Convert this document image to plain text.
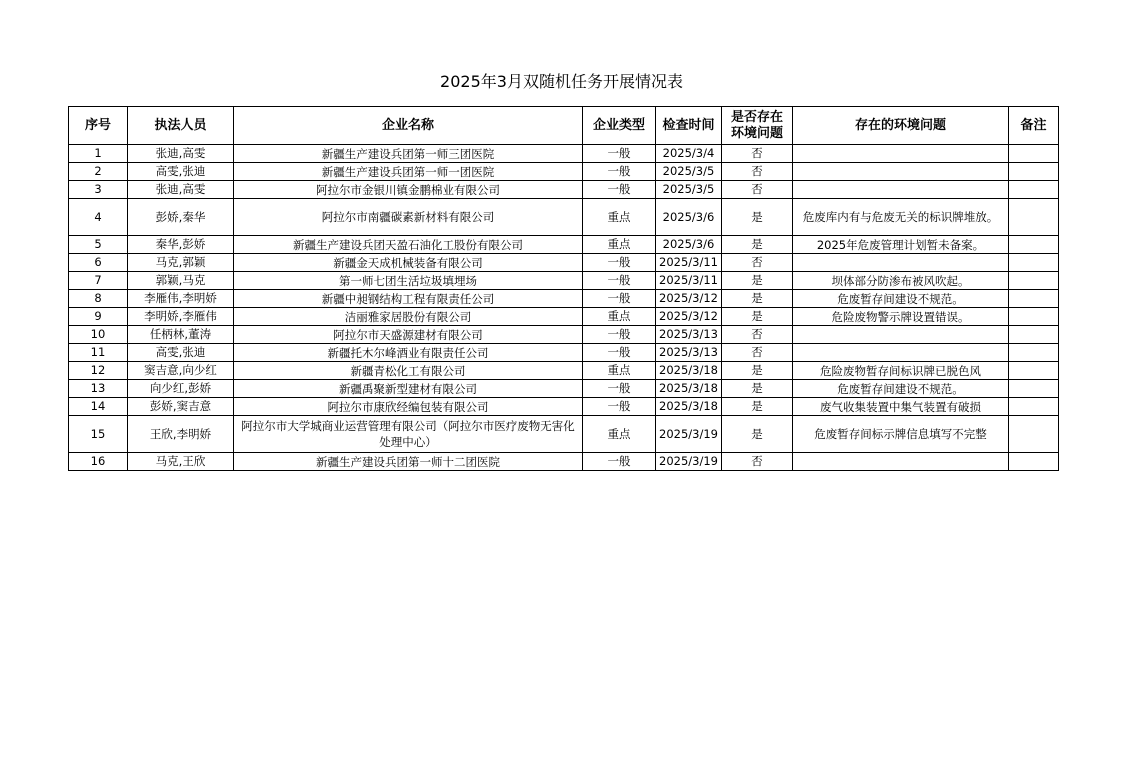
2025年3月双随机任务开展情况表
序号	执法人员	企业名称	企业类型	检查时间	是否存在环境问题	存在的环境问题	备注
1	张迪,高雯	新疆生产建设兵团第一师三团医院	一般	2025/3/4	否		
2	高雯,张迪	新疆生产建设兵团第一师一团医院	一般	2025/3/5	否		
3	张迪,高雯	阿拉尔市金银川镇金鹏棉业有限公司	一般	2025/3/5	否		
4	彭娇,秦华	阿拉尔市南疆碳素新材料有限公司	重点	2025/3/6	是	危废库内有与危废无关的标识牌堆放。	
5	秦华,彭娇	新疆生产建设兵团天盈石油化工股份有限公司	重点	2025/3/6	是	2025年危废管理计划暂未备案。	
6	马克,郭颖	新疆金天成机械装备有限公司	一般	2025/3/11	否		
7	郭颖,马克	第一师七团生活垃圾填埋场	一般	2025/3/11	是	坝体部分防渗布被风吹起。	
8	李雁伟,李明娇	新疆中昶钢结构工程有限责任公司	一般	2025/3/12	是	危废暂存间建设不规范。	
9	李明娇,李雁伟	洁丽雅家居股份有限公司	重点	2025/3/12	是	危险废物警示牌设置错误。	
10	任柄林,董涛	阿拉尔市天盛源建材有限公司	一般	2025/3/13	否		
11	高雯,张迪	新疆托木尔峰酒业有限责任公司	一般	2025/3/13	否		
12	窦吉意,向少红	新疆青松化工有限公司	重点	2025/3/18	是	危险废物暂存间标识牌已脱色风	
13	向少红,彭娇	新疆禹聚新型建材有限公司	一般	2025/3/18	是	危废暂存间建设不规范。	
14	彭娇,窦吉意	阿拉尔市康欣经编包装有限公司	一般	2025/3/18	是	废气收集装置中集气装置有破损	
15	王欣,李明娇	阿拉尔市大学城商业运营管理有限公司（阿拉尔市医疗废物无害化处理中心）	重点	2025/3/19	是	危废暂存间标示牌信息填写不完整	
16	马克,王欣	新疆生产建设兵团第一师十二团医院	一般	2025/3/19	否		
